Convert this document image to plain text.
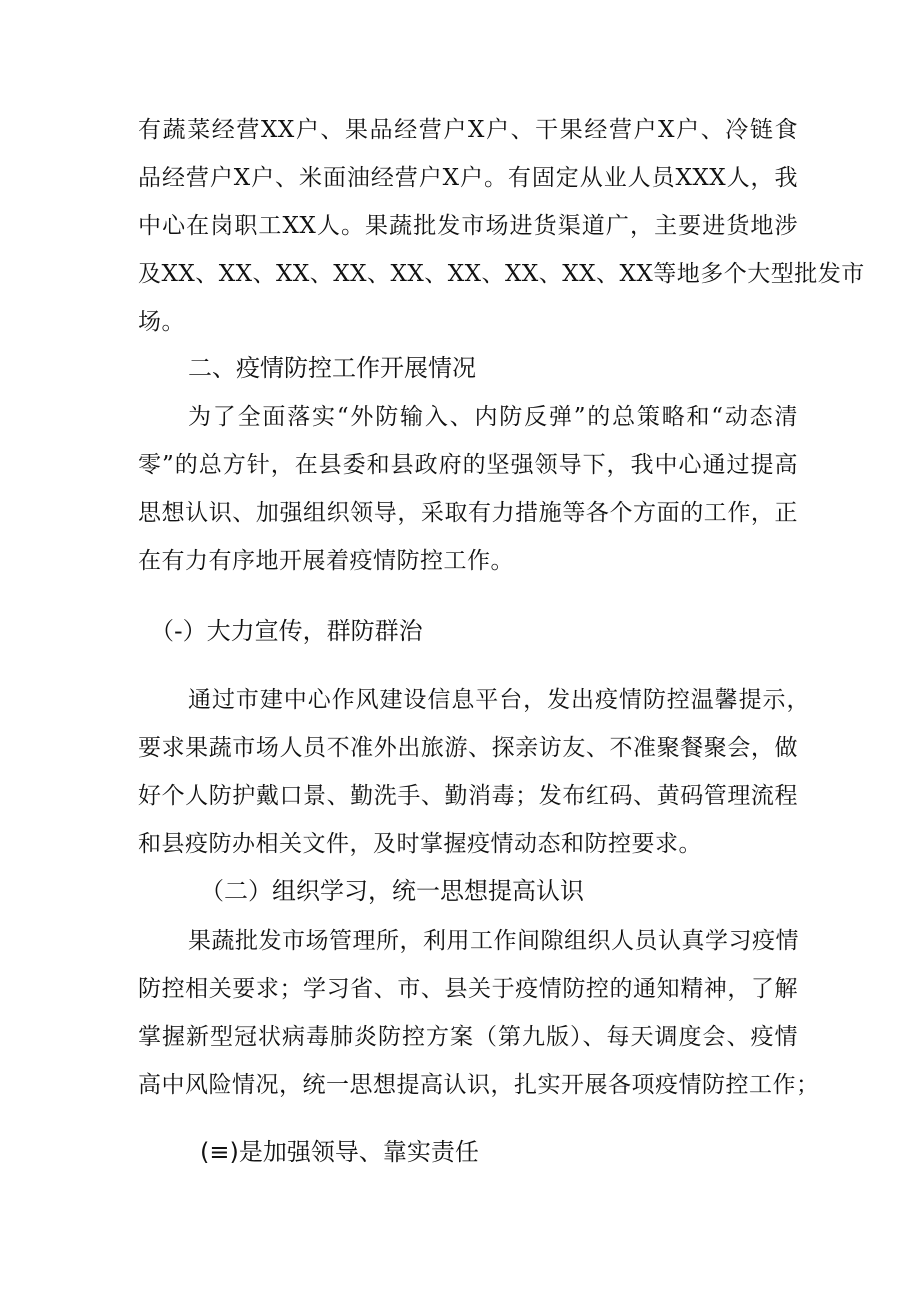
有蔬菜经营XX户、果品经营户X户、干果经营户X户、冷链食
品经营户X户、米面油经营户X户。有固定从业人员XXX人，我
中心在岗职工XX人。果蔬批发市场进货渠道广，主要进货地涉
及XX、XX、XX、XX、XX、XX、XX、XX、XX等地多个大型批发市
场。
二、疫情防控工作开展情况
为了全面落实“外防输入、内防反弹”的总策略和“动态清
零”的总方针，在县委和县政府的坚强领导下，我中心通过提高
思想认识、加强组织领导，采取有力措施等各个方面的工作，正
在有力有序地开展着疫情防控工作。
（-）大力宣传，群防群治
通过市建中心作风建设信息平台，发出疫情防控温馨提示，
要求果蔬市场人员不准外出旅游、探亲访友、不准聚餐聚会，做
好个人防护戴口景、勤洗手、勤消毒；发布红码、黄码管理流程
和县疫防办相关文件，及时掌握疫情动态和防控要求。
（二）组织学习，统一思想提高认识
果蔬批发市场管理所，利用工作间隙组织人员认真学习疫情
防控相关要求；学习省、市、县关于疫情防控的通知精神，了解
掌握新型冠状病毒肺炎防控方案（第九版）、每天调度会、疫情
高中风险情况，统一思想提高认识，扎实开展各项疫情防控工作；
(≡)是加强领导、靠实责任
